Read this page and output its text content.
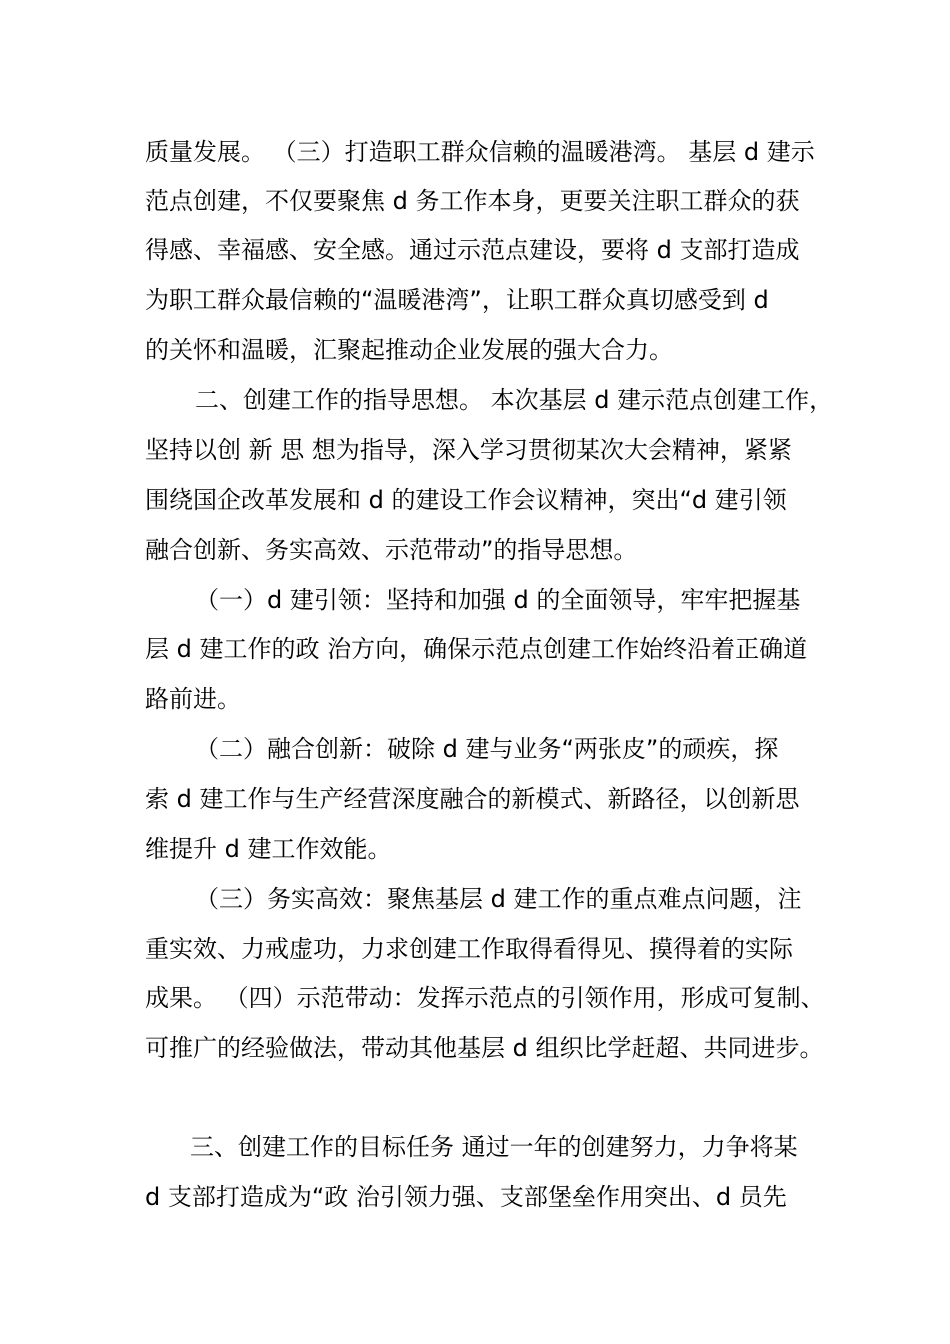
质量发展。 （三）打造职工群众信赖的温暖港湾。 基层 d 建示
范点创建，不仅要聚焦 d 务工作本身，更要关注职工群众的获
得感、幸福感、安全感。通过示范点建设，要将 d 支部打造成
为职工群众最信赖的“温暖港湾”，让职工群众真切感受到 d
的关怀和温暖，汇聚起推动企业发展的强大合力。
二、创建工作的指导思想。 本次基层 d 建示范点创建工作，
坚持以创 新 思 想为指导，深入学习贯彻某次大会精神，紧紧
围绕国企改革发展和 d 的建设工作会议精神，突出“d 建引领
融合创新、务实高效、示范带动”的指导思想。
（一）d 建引领：坚持和加强 d 的全面领导，牢牢把握基
层 d 建工作的政 治方向，确保示范点创建工作始终沿着正确道
路前进。
（二）融合创新：破除 d 建与业务“两张皮”的顽疾，探
索 d 建工作与生产经营深度融合的新模式、新路径，以创新思
维提升 d 建工作效能。
（三）务实高效：聚焦基层 d 建工作的重点难点问题，注
重实效、力戒虚功，力求创建工作取得看得见、摸得着的实际
成果。 （四）示范带动：发挥示范点的引领作用，形成可复制、
可推广的经验做法，带动其他基层 d 组织比学赶超、共同进步。
三、创建工作的目标任务 通过一年的创建努力，力争将某
d 支部打造成为“政 治引领力强、支部堡垒作用突出、d 员先
